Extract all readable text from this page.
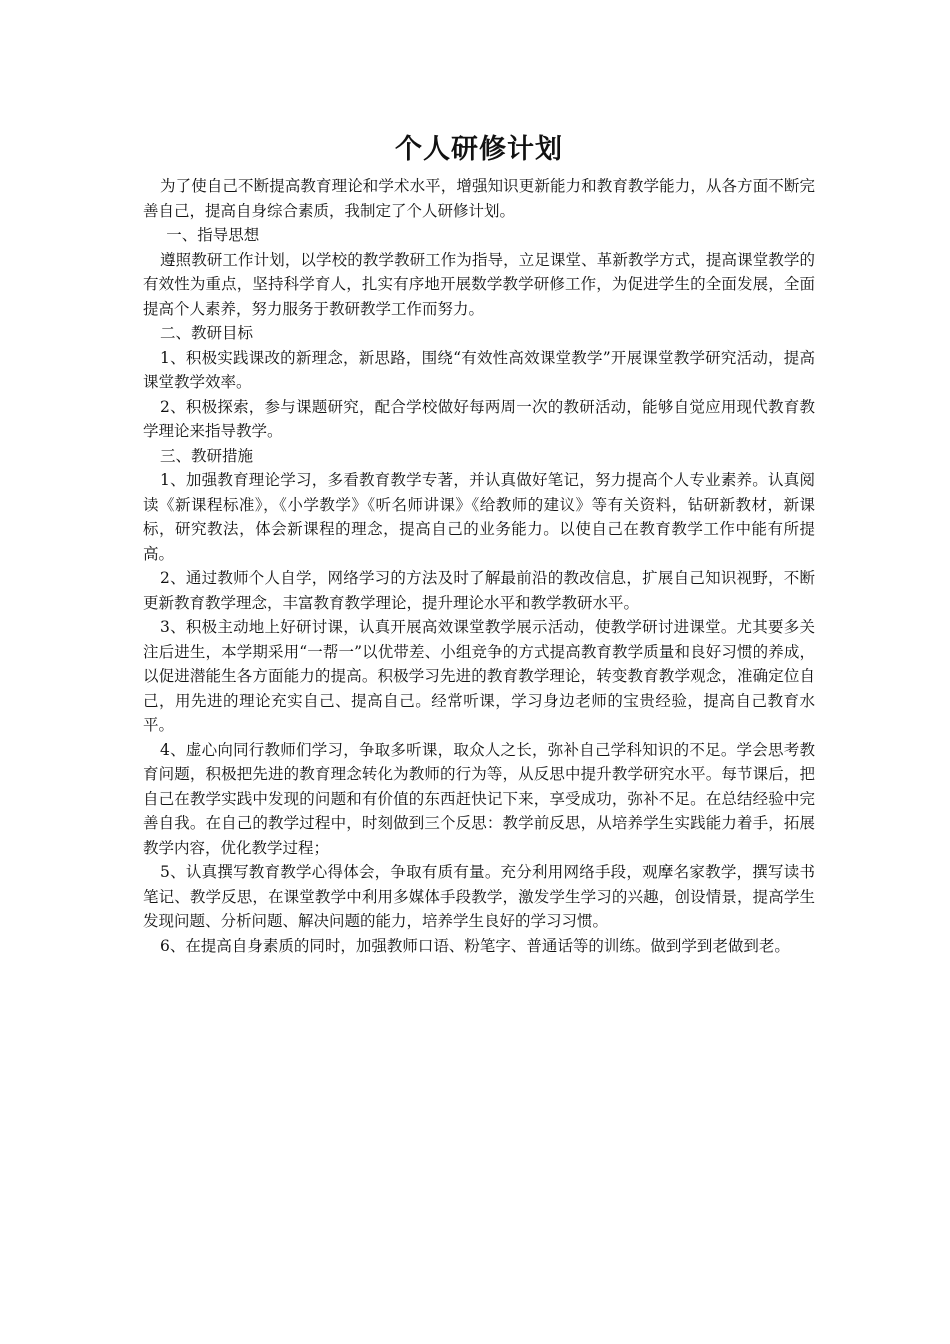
个人研修计划

为了使自己不断提高教育理论和学术水平，增强知识更新能力和教育教学能力，从各方面不断完善自己，提高自身综合素质，我制定了个人研修计划。

一、指导思想

遵照教研工作计划，以学校的教学教研工作为指导，立足课堂、革新教学方式，提高课堂教学的有效性为重点，坚持科学育人，扎实有序地开展数学教学研修工作，为促进学生的全面发展，全面提高个人素养，努力服务于教研教学工作而努力。

二、教研目标

1、积极实践课改的新理念，新思路，围绕“有效性高效课堂教学”开展课堂教学研究活动，提高课堂教学效率。

2、积极探索，参与课题研究，配合学校做好每两周一次的教研活动，能够自觉应用现代教育教学理论来指导教学。

三、教研措施

1、加强教育理论学习，多看教育教学专著，并认真做好笔记，努力提高个人专业素养。认真阅读《新课程标准》，《小学教学》《听名师讲课》《给教师的建议》等有关资料，钻研新教材，新课标，研究教法，体会新课程的理念，提高自己的业务能力。以使自己在教育教学工作中能有所提高。

2、通过教师个人自学，网络学习的方法及时了解最前沿的教改信息，扩展自己知识视野，不断更新教育教学理念，丰富教育教学理论，提升理论水平和教学教研水平。

3、积极主动地上好研讨课，认真开展高效课堂教学展示活动，使教学研讨进课堂。尤其要多关注后进生，本学期采用“一帮一”以优带差、小组竞争的方式提高教育教学质量和良好习惯的养成，以促进潜能生各方面能力的提高。积极学习先进的教育教学理论，转变教育教学观念，准确定位自己，用先进的理论充实自己、提高自己。经常听课，学习身边老师的宝贵经验，提高自己教育水平。

4、虚心向同行教师们学习，争取多听课，取众人之长，弥补自己学科知识的不足。学会思考教育问题，积极把先进的教育理念转化为教师的行为等，从反思中提升教学研究水平。每节课后，把自己在教学实践中发现的问题和有价值的东西赶快记下来，享受成功，弥补不足。在总结经验中完善自我。在自己的教学过程中，时刻做到三个反思：教学前反思，从培养学生实践能力着手，拓展教学内容，优化教学过程；

5、认真撰写教育教学心得体会，争取有质有量。充分利用网络手段，观摩名家教学，撰写读书笔记、教学反思，在课堂教学中利用多媒体手段教学，激发学生学习的兴趣，创设情景，提高学生发现问题、分析问题、解决问题的能力，培养学生良好的学习习惯。

6、在提高自身素质的同时，加强教师口语、粉笔字、普通话等的训练。做到学到老做到老。
